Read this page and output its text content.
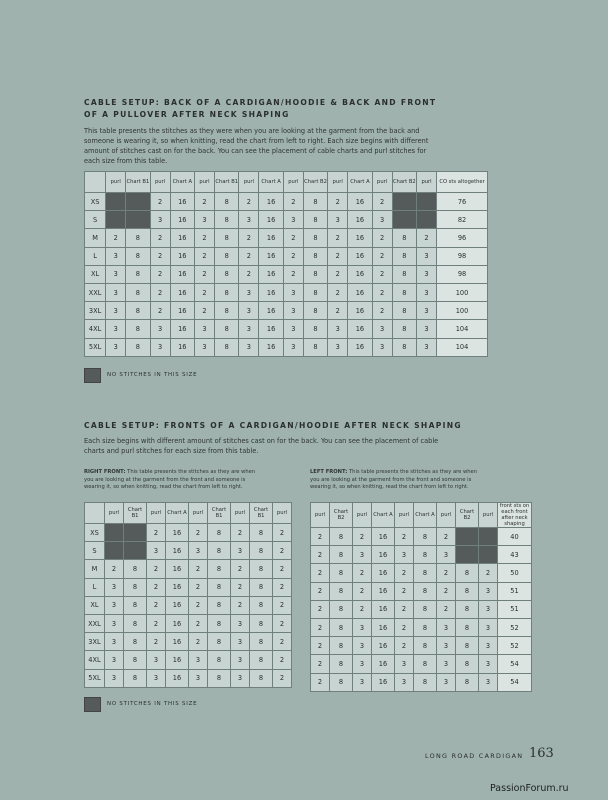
CABLE SETUP: BACK OF A CARDIGAN/HOODIE & BACK AND FRONT
OF A PULLOVER AFTER NECK SHAPING
This table presents the stitches as they were when you are looking at the garment from the back and
someone is wearing it, so when knitting, read the chart from left to right. Each size begins with different
amount of stitches cast on for the back. You can see the placement of cable charts and purl stitches for
each size from this table.
	purl	Chart B1	purl	Chart A	purl	Chart B1	purl	Chart A	purl	Chart B2	purl	Chart A	purl	Chart B2	purl	CO sts altogether
XS			2	16	2	8	2	16	2	8	2	16	2			76
S			3	16	3	8	3	16	3	8	3	16	3			82
M	2	8	2	16	2	8	2	16	2	8	2	16	2	8	2	96
L	3	8	2	16	2	8	2	16	2	8	2	16	2	8	3	98
XL	3	8	2	16	2	8	2	16	2	8	2	16	2	8	3	98
XXL	3	8	2	16	2	8	3	16	3	8	2	16	2	8	3	100
3XL	3	8	2	16	2	8	3	16	3	8	2	16	2	8	3	100
4XL	3	8	3	16	3	8	3	16	3	8	3	16	3	8	3	104
5XL	3	8	3	16	3	8	3	16	3	8	3	16	3	8	3	104
NO STITCHES IN THIS SIZE
CABLE SETUP: FRONTS OF A CARDIGAN/HOODIE AFTER NECK SHAPING
Each size begins with different amount of stitches cast on for the back. You can see the placement of cable
charts and purl stitches for each size from this table.
RIGHT FRONT: This table presents the stitches as they are when
you are looking at the garment from the front and someone is
wearing it, so when knitting, read the chart from left to right.
LEFT FRONT: This table presents the stitches as they are when
you are looking at the garment from the front and someone is
wearing it, so when knitting, read the chart from left to right.
	purl	Chart B1	purl	Chart A	purl	Chart B1	purl	Chart B1	purl
XS			2	16	2	8	2	8	2
S			3	16	3	8	3	8	2
M	2	8	2	16	2	8	2	8	2
L	3	8	2	16	2	8	2	8	2
XL	3	8	2	16	2	8	2	8	2
XXL	3	8	2	16	2	8	3	8	2
3XL	3	8	2	16	2	8	3	8	2
4XL	3	8	3	16	3	8	3	8	2
5XL	3	8	3	16	3	8	3	8	2
purl	Chart B2	purl	Chart A	purl	Chart A	purl	Chart B2	purl	front sts on each front after neck shaping
2	8	2	16	2	8	2			40
2	8	3	16	3	8	3			43
2	8	2	16	2	8	2	8	2	50
2	8	2	16	2	8	2	8	3	51
2	8	2	16	2	8	2	8	3	51
2	8	3	16	2	8	3	8	3	52
2	8	3	16	2	8	3	8	3	52
2	8	3	16	3	8	3	8	3	54
2	8	3	16	3	8	3	8	3	54
NO STITCHES IN THIS SIZE
LONG ROAD CARDIGAN 163
PassionForum.ru
